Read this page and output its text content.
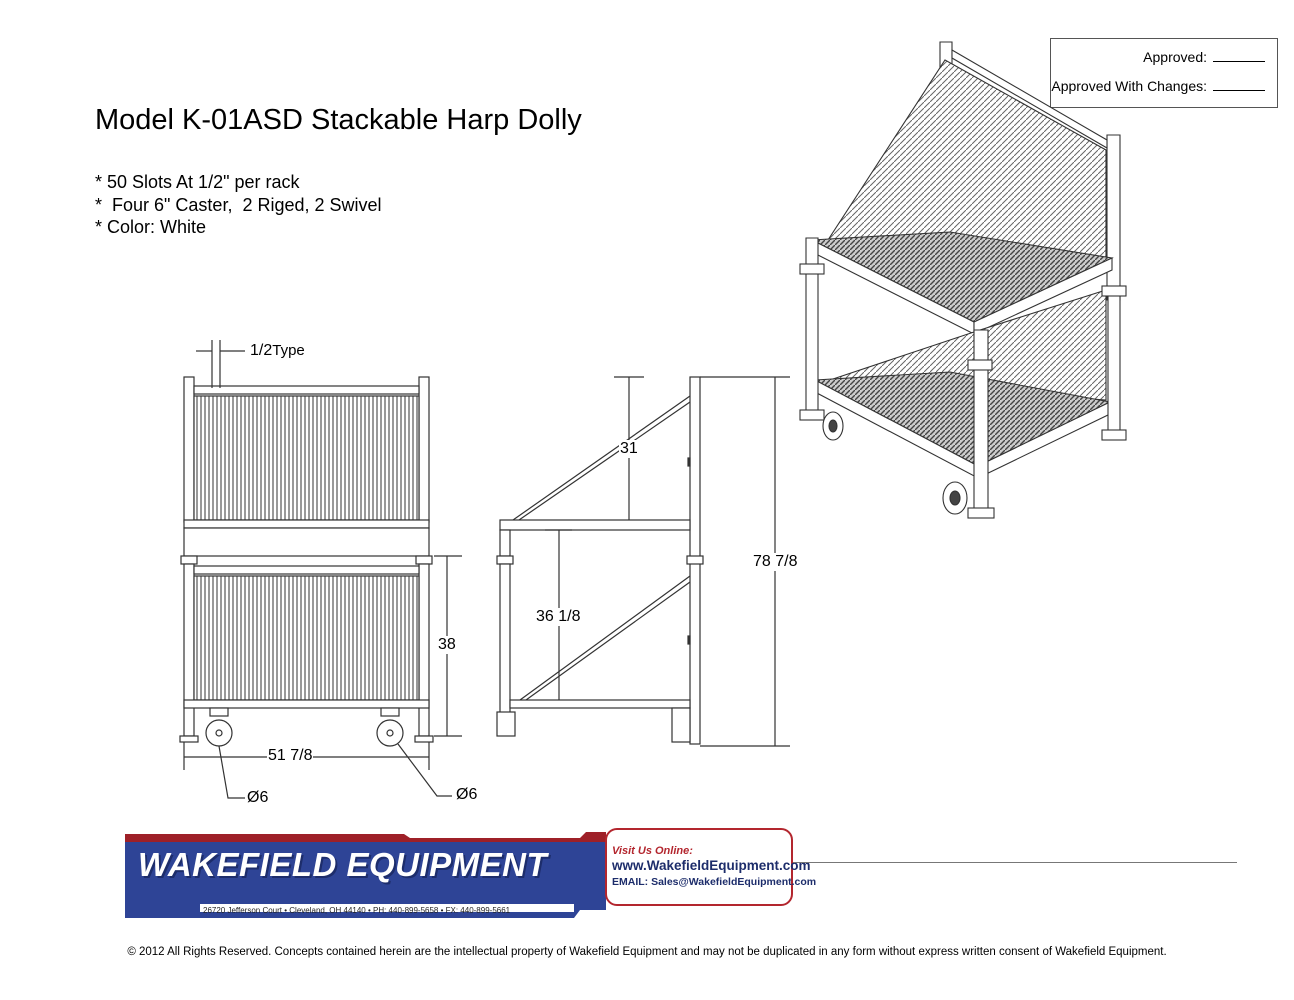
Model K-01ASD Stackable Harp Dolly
* 50 Slots At 1/2" per rack
*  Four 6" Caster,  2 Riged, 2 Swivel
* Color: White
Approved:
Approved With Changes:
1/2Type
51 7/8
Ø6	Ø6
38
31
36 1/8
78 7/8
WAKEFIELD EQUIPMENT
26720 Jefferson Court • Cleveland, OH 44140 • PH: 440-899-5658 • FX: 440-899-5661
Visit Us Online:
www.WakefieldEquipment.com
EMAIL: Sales@WakefieldEquipment.com
© 2012 All Rights Reserved. Concepts contained herein are the intellectual property of Wakefield Equipment and may not be duplicated in any form without express written consent of Wakefield Equipment.
